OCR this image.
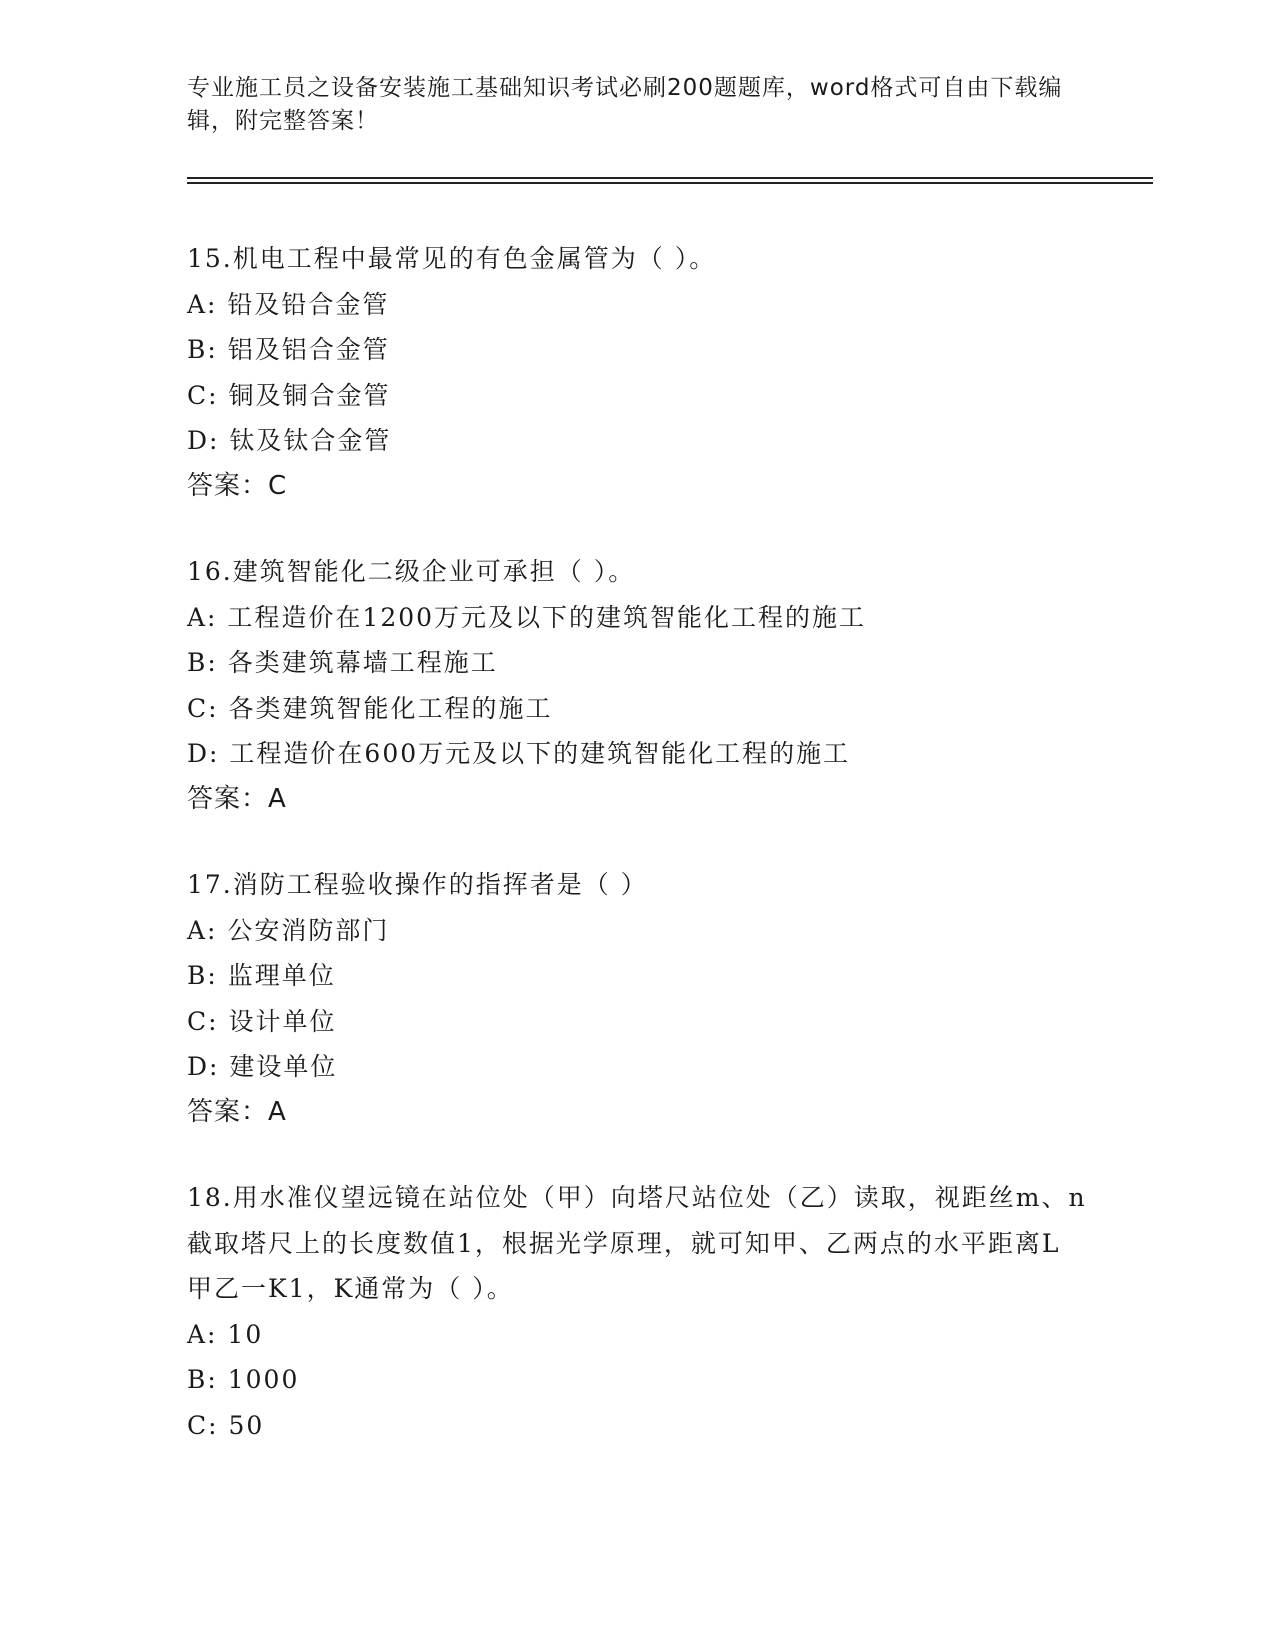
专业施工员之设备安装施工基础知识考试必刷200题题库，word格式可自由下载编辑，附完整答案！
15.机电工程中最常见的有色金属管为（ ）。
A: 铅及铅合金管
B: 铝及铝合金管
C: 铜及铜合金管
D: 钛及钛合金管
答案：C
16.建筑智能化二级企业可承担（ ）。
A: 工程造价在1200万元及以下的建筑智能化工程的施工
B: 各类建筑幕墙工程施工
C: 各类建筑智能化工程的施工
D: 工程造价在600万元及以下的建筑智能化工程的施工
答案：A
17.消防工程验收操作的指挥者是（ ）
A: 公安消防部门
B: 监理单位
C: 设计单位
D: 建设单位
答案：A
18.用水准仪望远镜在站位处（甲）向塔尺站位处（乙）读取，视距丝m、n截取塔尺上的长度数值1，根据光学原理，就可知甲、乙两点的水平距离L甲乙一K1，K通常为（ ）。
A: 10
B: 1000
C: 50
